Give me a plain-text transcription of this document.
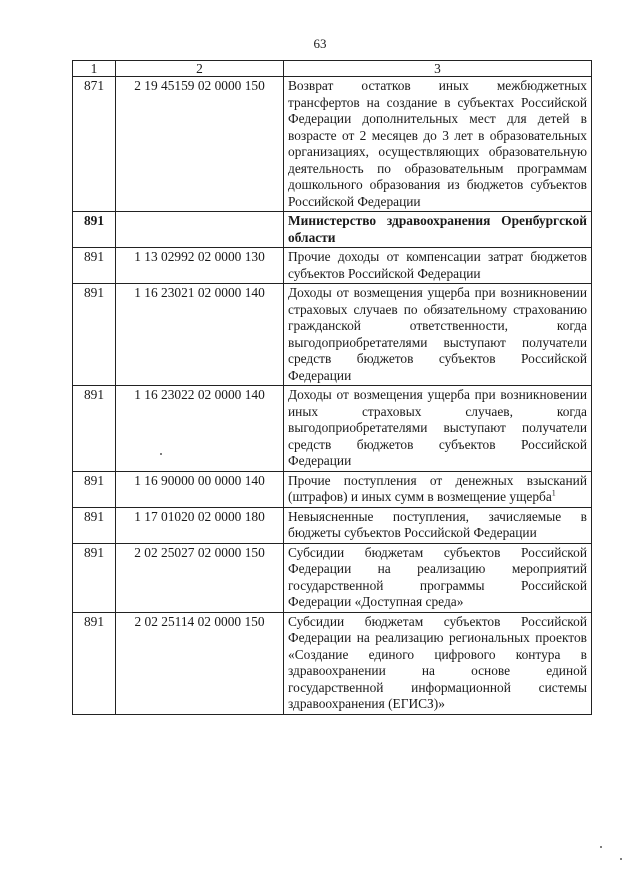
63
1	2	3
871	2 19 45159 02 0000 150	Возврат остатков иных межбюджетных трансфертов на создание в субъектах Российской Федерации дополнительных мест для детей в возрасте от 2 месяцев до 3 лет в образовательных организациях, осуществляющих образовательную деятельность по образовательным программам дошкольного образования из бюджетов субъектов Российской Федерации
891		Министерство здравоохранения Оренбургской области
891	1 13 02992 02 0000 130	Прочие доходы от компенсации затрат бюджетов субъектов Российской Федерации
891	1 16 23021 02 0000 140	Доходы от возмещения ущерба при возникновении страховых случаев по обязательному страхованию гражданской ответственности, когда выгодоприобретателями выступают получатели средств бюджетов субъектов Российской Федерации
891	1 16 23022 02 0000 140	Доходы от возмещения ущерба при возникновении иных страховых случаев, когда выгодоприобретателями выступают получатели средств бюджетов субъектов Российской Федерации
891	1 16 90000 00 0000 140	Прочие поступления от денежных взысканий (штрафов) и иных сумм в возмещение ущерба$^1$
891	1 17 01020 02 0000 180	Невыясненные поступления, зачисляемые в бюджеты субъектов Российской Федерации
891	2 02 25027 02 0000 150	Субсидии бюджетам субъектов Российской Федерации на реализацию мероприятий государственной программы Российской Федерации «Доступная среда»
891	2 02 25114 02 0000 150	Субсидии бюджетам субъектов Российской Федерации на реализацию региональных проектов «Создание единого цифрового контура в здравоохранении на основе единой государственной информационной системы здравоохранения (ЕГИСЗ)»
